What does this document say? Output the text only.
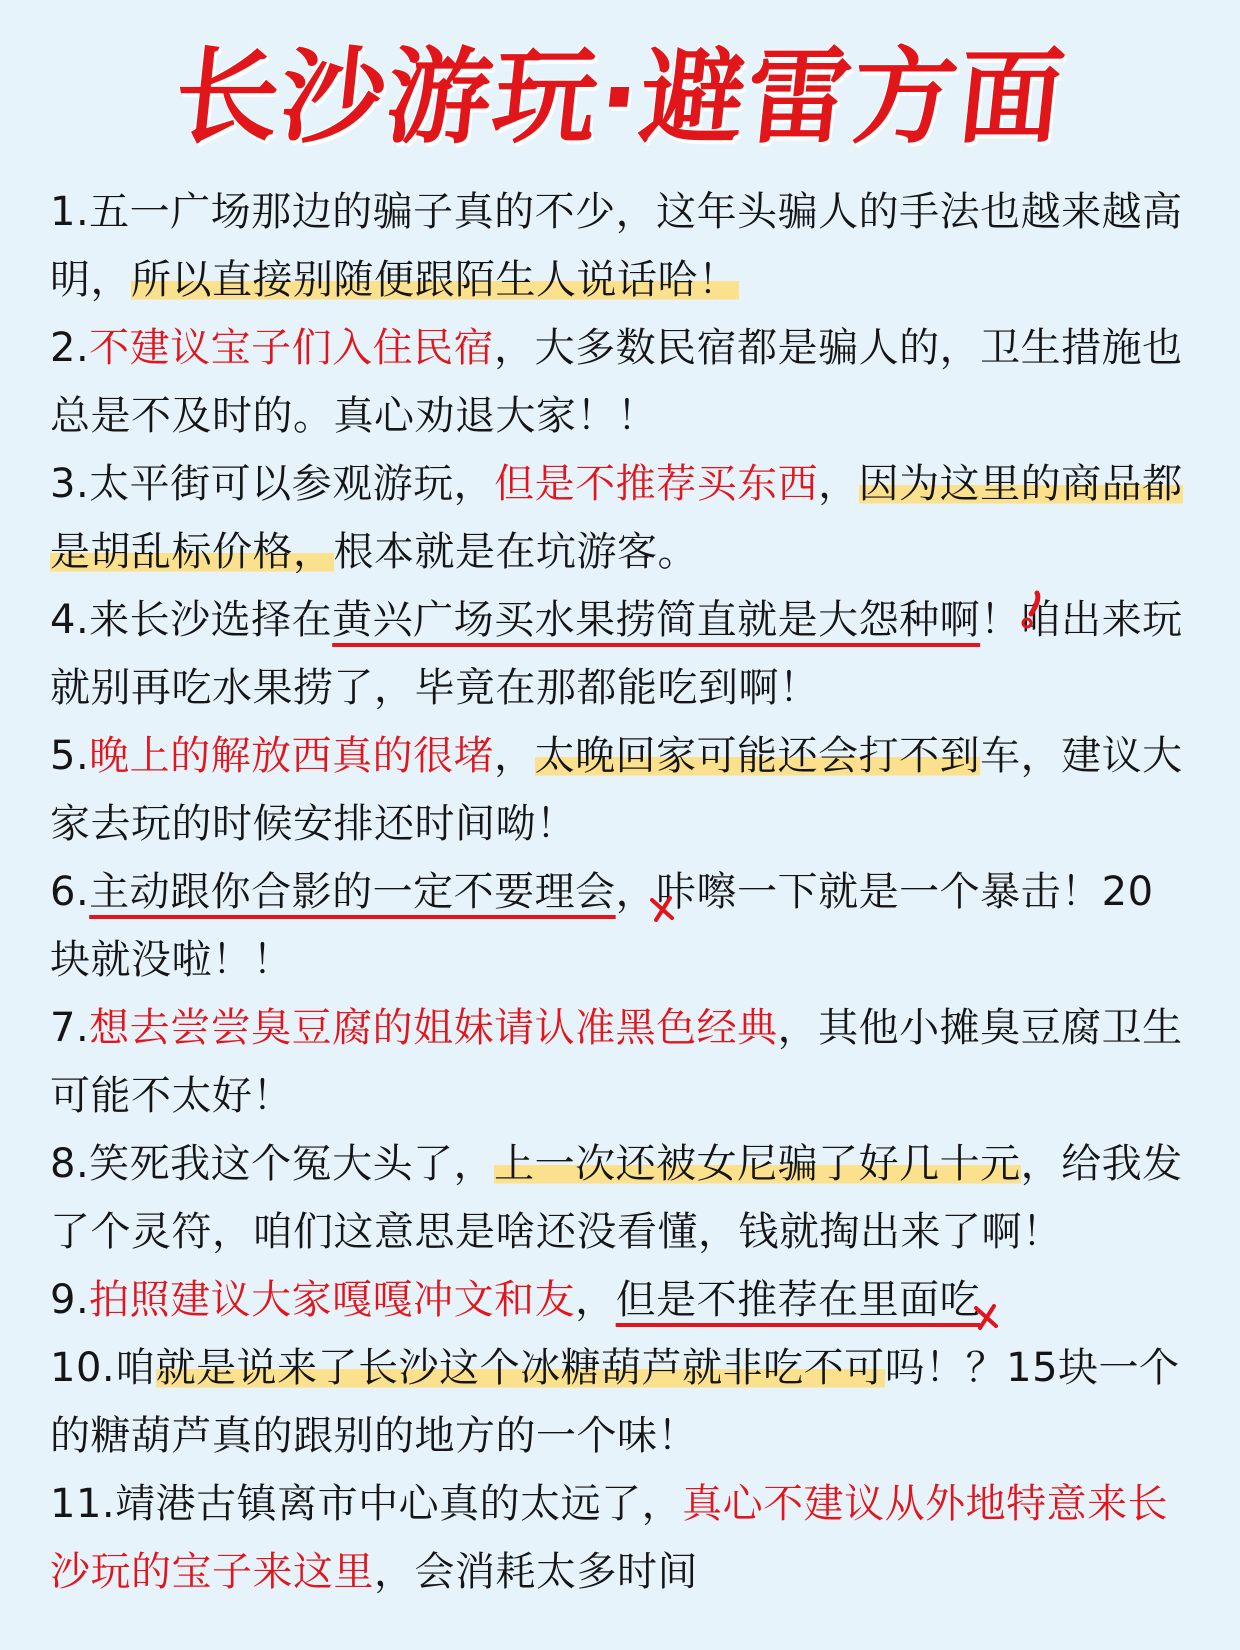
长沙游玩·避雷方面

1.五一广场那边的骗子真的不少，这年头骗人的手法也越来越高明，所以直接别随便跟陌生人说话哈！

2.不建议宝子们入住民宿，大多数民宿都是骗人的，卫生措施也总是不及时的。真心劝退大家！！

3.太平街可以参观游玩，但是不推荐买东西，因为这里的商品都是胡乱标价格，根本就是在坑游客。

4.来长沙选择在黄兴广场买水果捞简直就是大怨种啊！
咱出来玩就别再吃水果捞了，毕竟在那都能吃到啊！

5.晚上的解放西真的很堵，太晚回家可能还会打不到车，建议大家去玩的时候安排还时间呦！

6.主动跟你合影的一定不要理会，
咔嚓一下就是一个暴击！20块就没啦！！

7.想去尝尝臭豆腐的姐妹请认准黑色经典，其他小摊臭豆腐卫生可能不太好！

8.笑死我这个冤大头了，上一次还被女尼骗了好几十元，给我发了个灵符，咱们这意思是啥还没看懂，钱就掏出来了啊！

9.拍照建议大家嘎嘎冲文和友，但是不推荐在里面吃

10.咱就是说来了长沙这个冰糖葫芦就非吃不可吗！？15块一个的糖葫芦真的跟别的地方的一个味！

11.靖港古镇离市中心真的太远了，真心不建议从外地特意来长沙玩的宝子来这里，会消耗太多时间
